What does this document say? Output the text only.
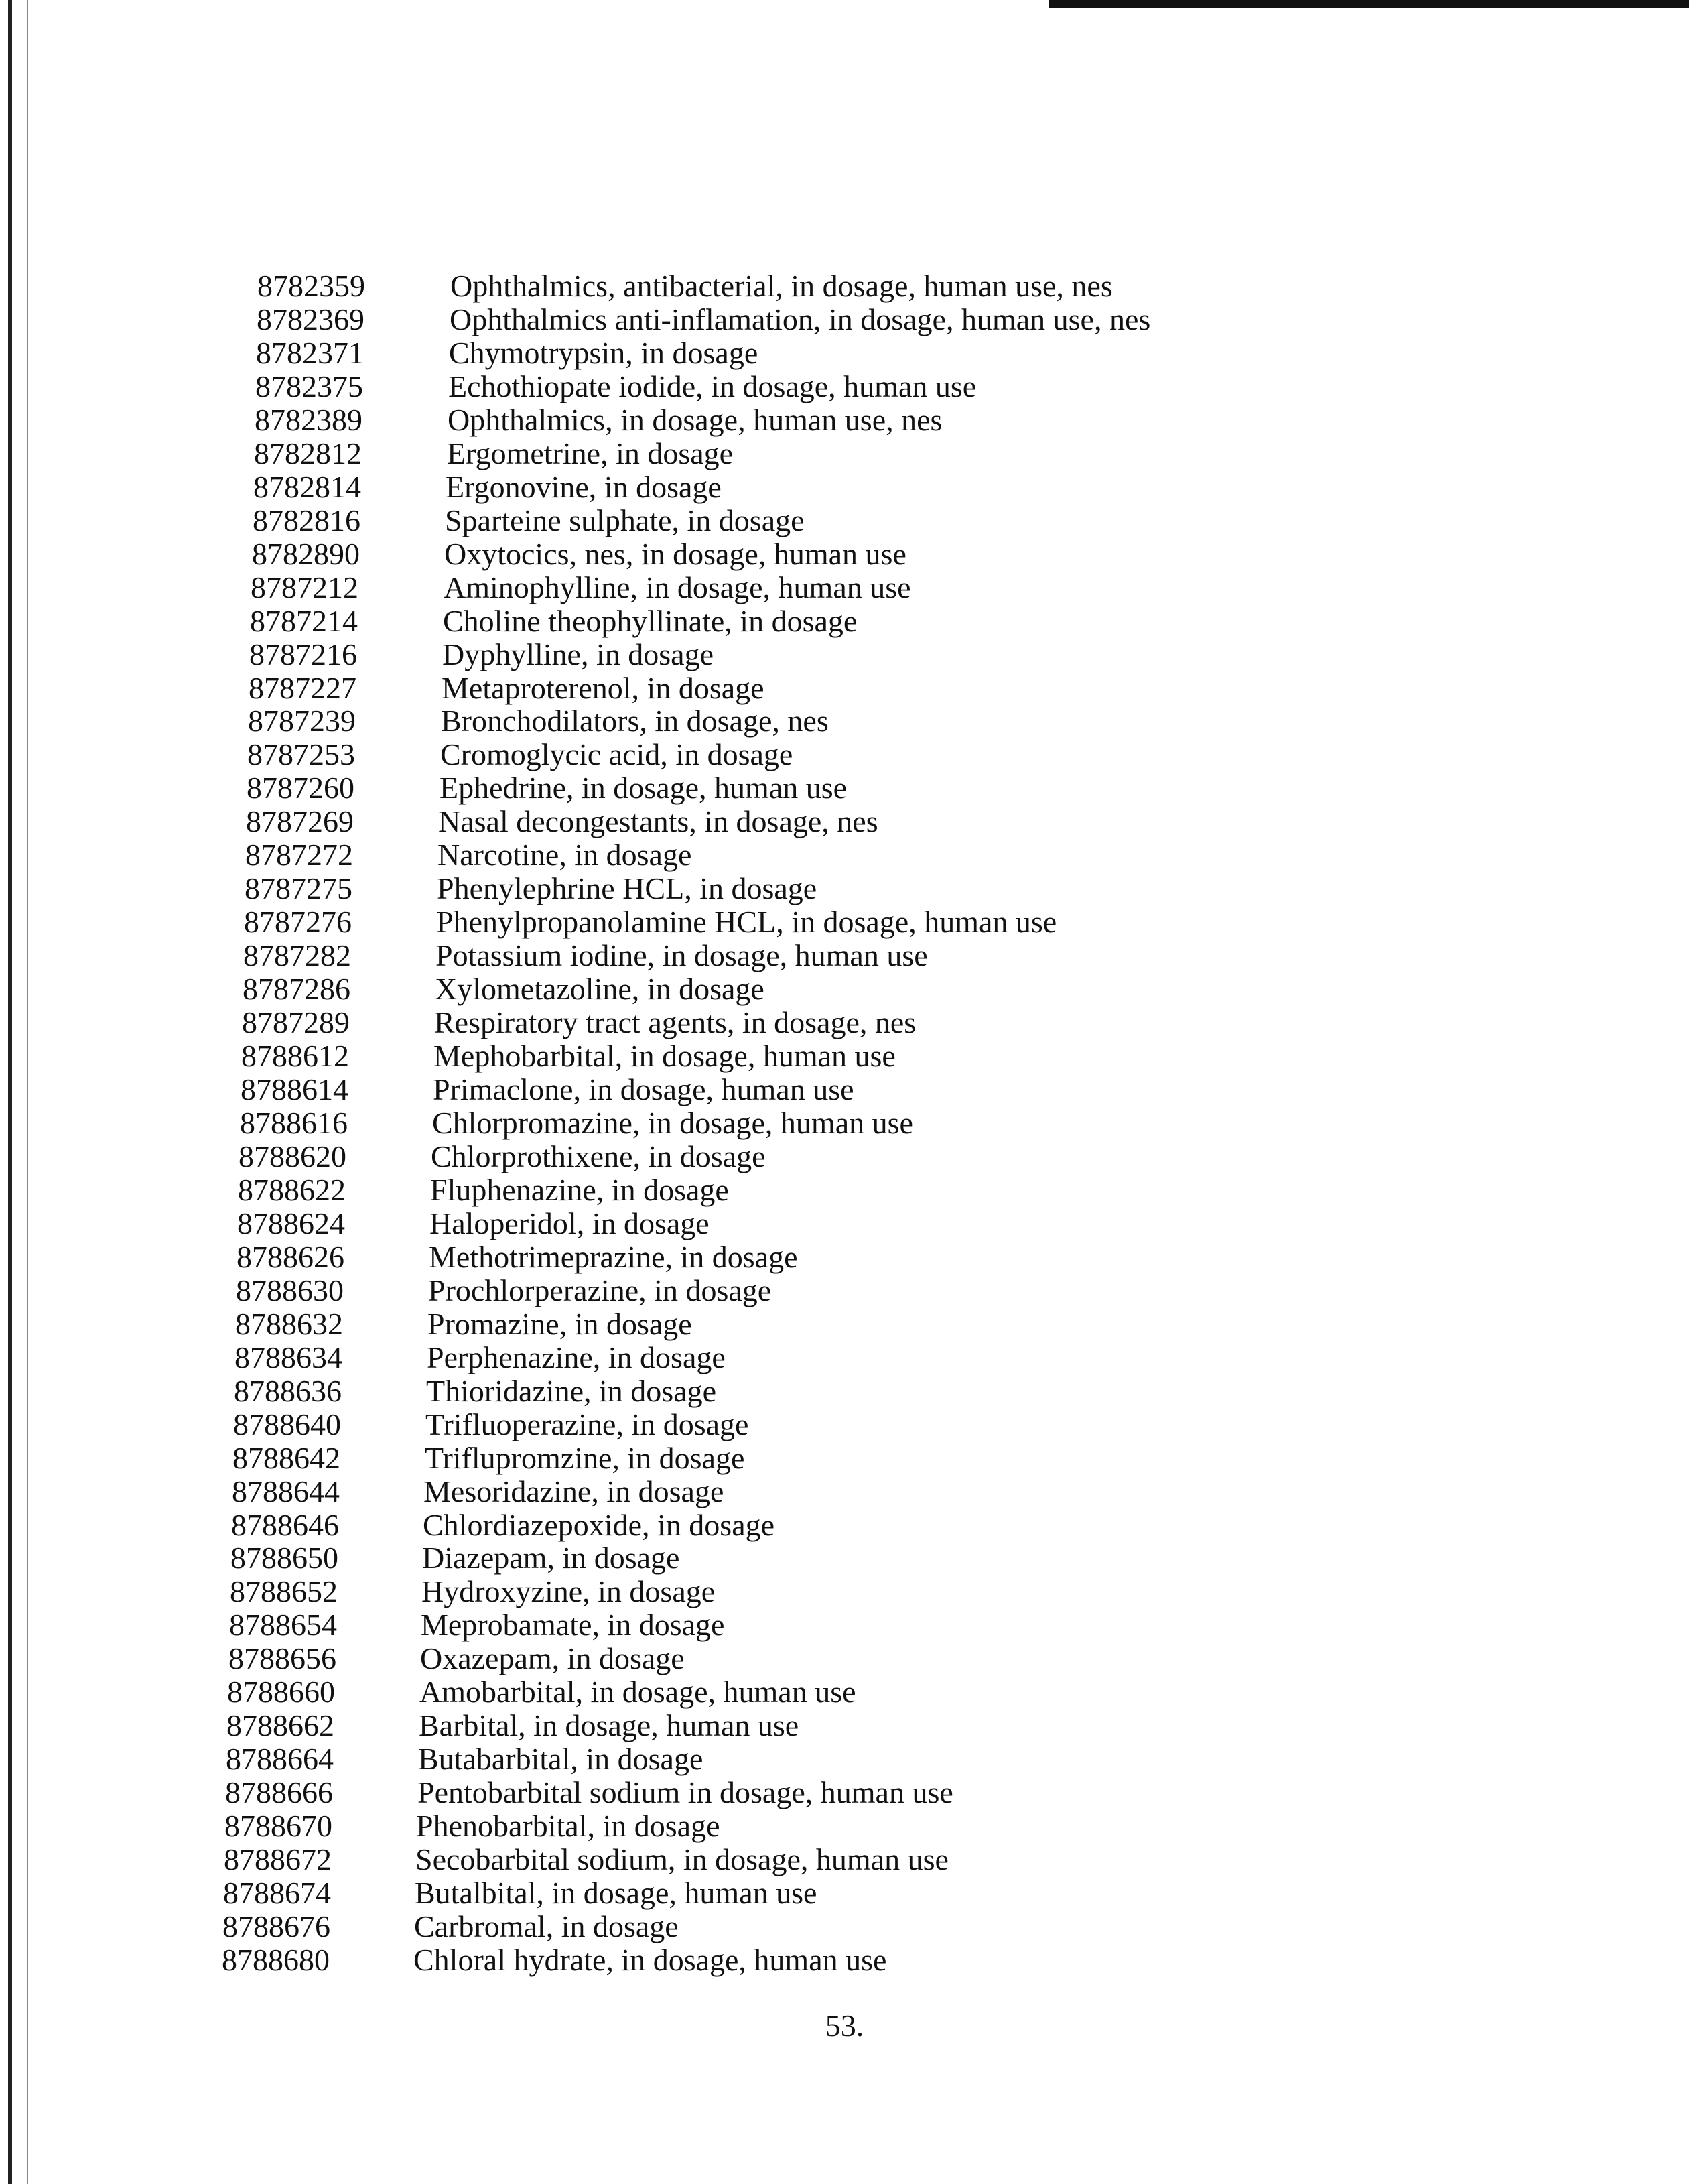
8782359	Ophthalmics, antibacterial, in dosage, human use, nes
8782369	Ophthalmics anti-inflamation, in dosage, human use, nes
8782371	Chymotrypsin, in dosage
8782375	Echothiopate iodide, in dosage, human use
8782389	Ophthalmics, in dosage, human use, nes
8782812	Ergometrine, in dosage
8782814	Ergonovine, in dosage
8782816	Sparteine sulphate, in dosage
8782890	Oxytocics, nes, in dosage, human use
8787212	Aminophylline, in dosage, human use
8787214	Choline theophyllinate, in dosage
8787216	Dyphylline, in dosage
8787227	Metaproterenol, in dosage
8787239	Bronchodilators, in dosage, nes
8787253	Cromoglycic acid, in dosage
8787260	Ephedrine, in dosage, human use
8787269	Nasal decongestants, in dosage, nes
8787272	Narcotine, in dosage
8787275	Phenylephrine HCL, in dosage
8787276	Phenylpropanolamine HCL, in dosage, human use
8787282	Potassium iodine, in dosage, human use
8787286	Xylometazoline, in dosage
8787289	Respiratory tract agents, in dosage, nes
8788612	Mephobarbital, in dosage, human use
8788614	Primaclone, in dosage, human use
8788616	Chlorpromazine, in dosage, human use
8788620	Chlorprothixene, in dosage
8788622	Fluphenazine, in dosage
8788624	Haloperidol, in dosage
8788626	Methotrimeprazine, in dosage
8788630	Prochlorperazine, in dosage
8788632	Promazine, in dosage
8788634	Perphenazine, in dosage
8788636	Thioridazine, in dosage
8788640	Trifluoperazine, in dosage
8788642	Triflupromzine, in dosage
8788644	Mesoridazine, in dosage
8788646	Chlordiazepoxide, in dosage
8788650	Diazepam, in dosage
8788652	Hydroxyzine, in dosage
8788654	Meprobamate, in dosage
8788656	Oxazepam, in dosage
8788660	Amobarbital, in dosage, human use
8788662	Barbital, in dosage, human use
8788664	Butabarbital, in dosage
8788666	Pentobarbital sodium in dosage, human use
8788670	Phenobarbital, in dosage
8788672	Secobarbital sodium, in dosage, human use
8788674	Butalbital, in dosage, human use
8788676	Carbromal, in dosage
8788680	Chloral hydrate, in dosage, human use
53.
